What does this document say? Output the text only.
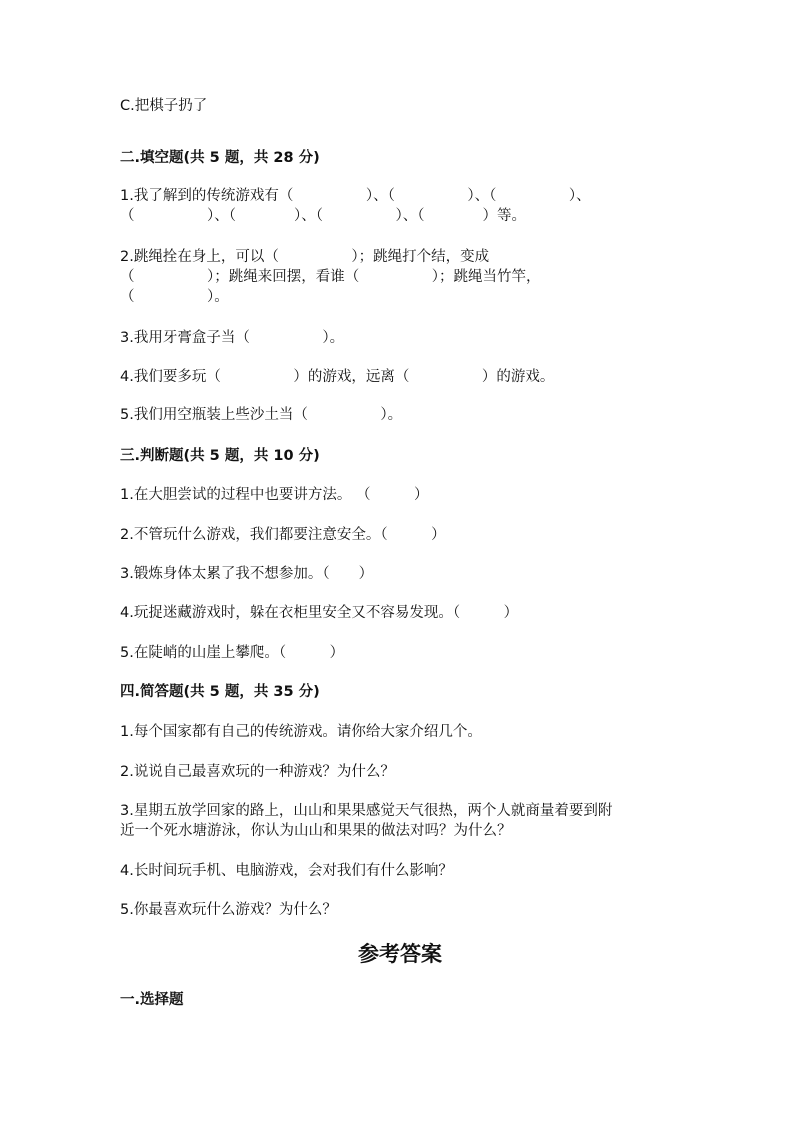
C.把棋子扔了
二.填空题(共 5 题，共 28 分)
1.我了解到的传统游戏有（　　　　　）、（　　　　　）、（　　　　　）、
（　　　　　）、（　　　　）、（　　　　　）、（　　　　）等。
2.跳绳拴在身上，可以（　　　　　）；跳绳打个结，变成
（　　　　　）；跳绳来回摆，看谁（　　　　　）；跳绳当竹竿，
（　　　　　）。
3.我用牙膏盒子当（　　　　　）。
4.我们要多玩（　　　　　）的游戏，远离（　　　　　）的游戏。
5.我们用空瓶装上些沙土当（　　　　　）。
三.判断题(共 5 题，共 10 分)
1.在大胆尝试的过程中也要讲方法。 （　　　）
2.不管玩什么游戏，我们都要注意安全。（　　　）
3.锻炼身体太累了我不想参加。（　　）
4.玩捉迷藏游戏时，躲在衣柜里安全又不容易发现。（　　　）
5.在陡峭的山崖上攀爬。（　　　）
四.简答题(共 5 题，共 35 分)
1.每个国家都有自己的传统游戏。请你给大家介绍几个。
2.说说自己最喜欢玩的一种游戏？为什么？
3.星期五放学回家的路上，山山和果果感觉天气很热，两个人就商量着要到附
近一个死水塘游泳，你认为山山和果果的做法对吗？为什么？
4.长时间玩手机、电脑游戏，会对我们有什么影响？
5.你最喜欢玩什么游戏？为什么？
参考答案
一.选择题
